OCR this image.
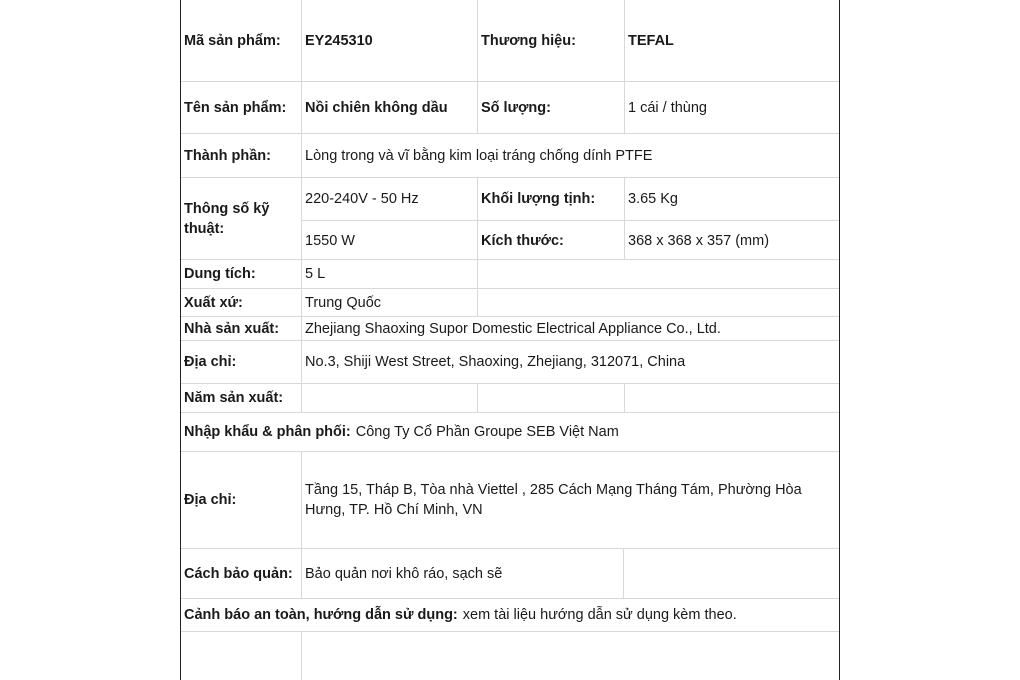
Mã sản phẩm:	EY245310	Thương hiệu:	TEFAL
Tên sản phẩm:	Nồi chiên không dầu	Số lượng:	1 cái / thùng
Thành phần:	Lòng trong và vĩ bằng kim loại tráng chống dính PTFE
Thông số kỹ thuật:
220-240V - 50 Hz	Khối lượng tịnh:	3.65 Kg
1550 W	Kích thước:	368 x 368 x 357 (mm)
Dung tích:	5 L
Xuất xứ:	Trung Quốc
Nhà sản xuất:	Zhejiang Shaoxing Supor Domestic Electrical Appliance Co., Ltd.
Địa chỉ:	No.3, Shiji West Street, Shaoxing, Zhejiang, 312071, China
Năm sản xuất:
Nhập khẩu & phân phối: Công Ty Cổ Phần Groupe SEB Việt Nam
Địa chỉ:
Tầng 15, Tháp B, Tòa nhà Viettel , 285 Cách Mạng Tháng Tám, Phường Hòa Hưng, TP. Hồ Chí Minh, VN
Cách bảo quản: Bảo quản nơi khô ráo, sạch sẽ
Cảnh báo an toàn, hướng dẫn sử dụng: xem tài liệu hướng dẫn sử dụng kèm theo.
